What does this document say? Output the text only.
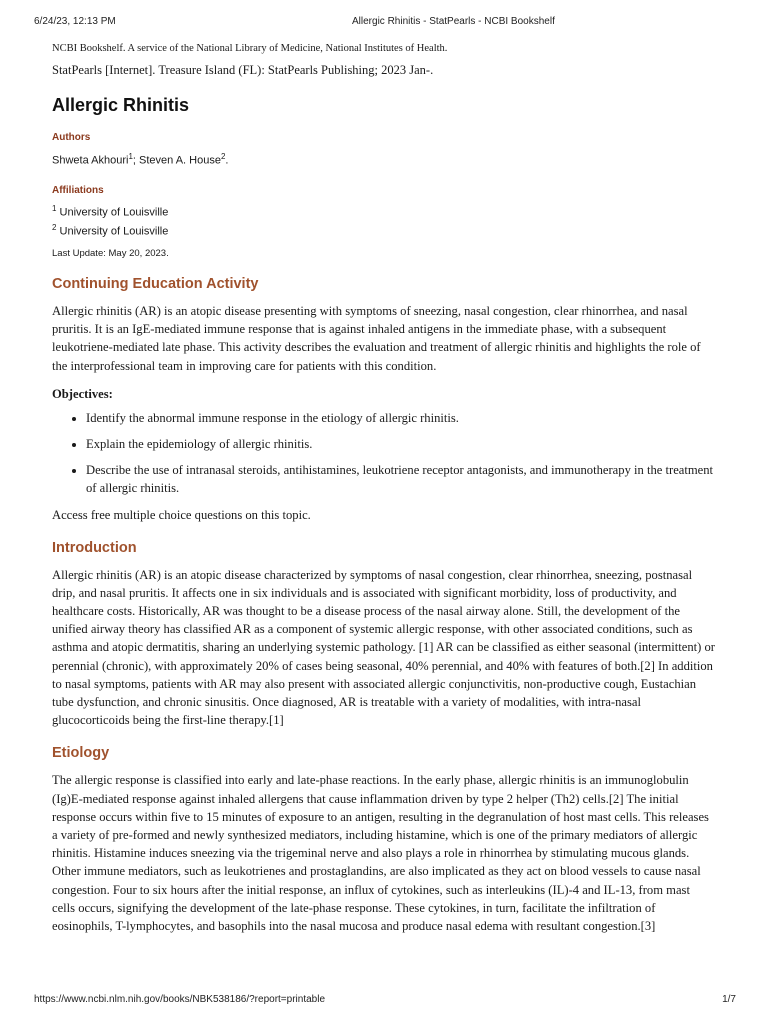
6/24/23, 12:13 PM	Allergic Rhinitis - StatPearls - NCBI Bookshelf

NCBI Bookshelf. A service of the National Library of Medicine, National Institutes of Health.

StatPearls [Internet]. Treasure Island (FL): StatPearls Publishing; 2023 Jan-.

Allergic Rhinitis
Authors

Shweta Akhouri$^1$; Steven A. House$^2$.

Affiliations

$^1$ University of Louisville

$^2$ University of Louisville

Last Update: May 20, 2023.

Continuing Education Activity

Allergic rhinitis (AR) is an atopic disease presenting with symptoms of sneezing, nasal congestion, clear rhinorrhea, and nasal pruritis. It is an IgE-mediated immune response that is against inhaled antigens in the immediate phase, with a subsequent leukotriene-mediated late phase. This activity describes the evaluation and treatment of allergic rhinitis and highlights the role of the interprofessional team in improving care for patients with this condition.

Objectives:
• Identify the abnormal immune response in the etiology of allergic rhinitis.
• Explain the epidemiology of allergic rhinitis.
• Describe the use of intranasal steroids, antihistamines, leukotriene receptor antagonists, and immunotherapy in the treatment of allergic rhinitis.

Access free multiple choice questions on this topic.

Introduction

Allergic rhinitis (AR) is an atopic disease characterized by symptoms of nasal congestion, clear rhinorrhea, sneezing, postnasal drip, and nasal pruritis. It affects one in six individuals and is associated with significant morbidity, loss of productivity, and healthcare costs. Historically, AR was thought to be a disease process of the nasal airway alone. Still, the development of the unified airway theory has classified AR as a component of systemic allergic response, with other associated conditions, such as asthma and atopic dermatitis, sharing an underlying systemic pathology. [1] AR can be classified as either seasonal (intermittent) or perennial (chronic), with approximately 20% of cases being seasonal, 40% perennial, and 40% with features of both.[2] In addition to nasal symptoms, patients with AR may also present with associated allergic conjunctivitis, non-productive cough, Eustachian tube dysfunction, and chronic sinusitis. Once diagnosed, AR is treatable with a variety of modalities, with intra-nasal glucocorticoids being the first-line therapy.[1]

Etiology

The allergic response is classified into early and late-phase reactions. In the early phase, allergic rhinitis is an immunoglobulin (Ig)E-mediated response against inhaled allergens that cause inflammation driven by type 2 helper (Th2) cells.[2] The initial response occurs within five to 15 minutes of exposure to an antigen, resulting in the degranulation of host mast cells. This releases a variety of pre-formed and newly synthesized mediators, including histamine, which is one of the primary mediators of allergic rhinitis. Histamine induces sneezing via the trigeminal nerve and also plays a role in rhinorrhea by stimulating mucous glands. Other immune mediators, such as leukotrienes and prostaglandins, are also implicated as they act on blood vessels to cause nasal congestion. Four to six hours after the initial response, an influx of cytokines, such as interleukins (IL)-4 and IL-13, from mast cells occurs, signifying the development of the late-phase response. These cytokines, in turn, facilitate the infiltration of eosinophils, T-lymphocytes, and basophils into the nasal mucosa and produce nasal edema with resultant congestion.[3]

https://www.ncbi.nlm.nih.gov/books/NBK538186/?report=printable	1/7
